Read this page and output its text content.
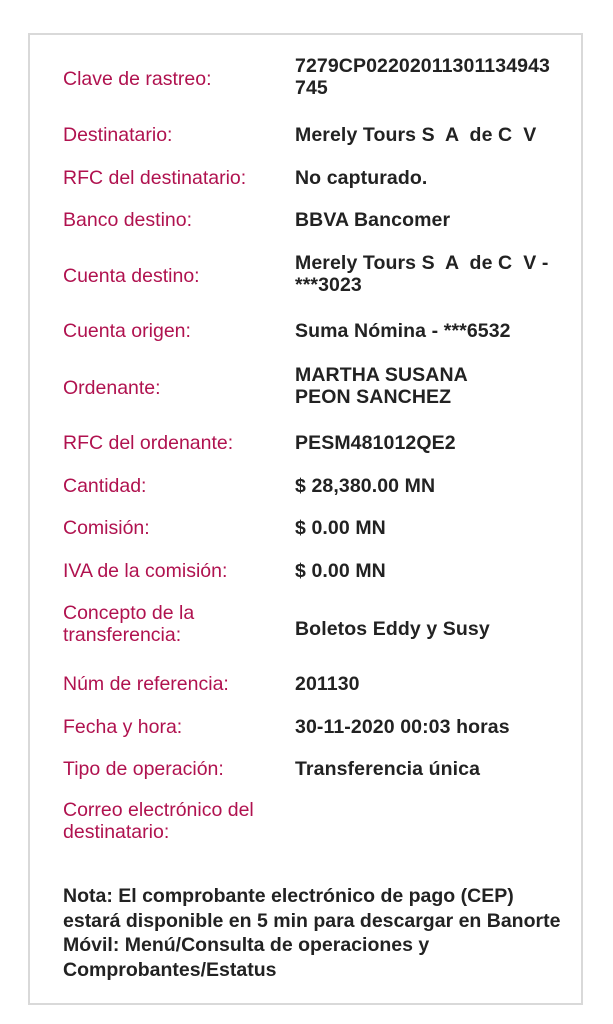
Clave de rastreo:
7279CP02202011301134943745
Destinatario:	Merely Tours S  A  de C  V
RFC del destinatario:	No capturado.
Banco destino:	BBVA Bancomer
Cuenta destino:
Merely Tours S  A  de C  V - ***3023
Cuenta origen:	Suma Nómina - ***6532
Ordenante:
MARTHA SUSANA PEON SANCHEZ
RFC del ordenante:	PESM481012QE2
Cantidad:	$ 28,380.00 MN
Comisión:	$ 0.00 MN
IVA de la comisión:	$ 0.00 MN
Concepto de la transferencia:	Boletos Eddy y Susy
Núm de referencia:	201130
Fecha y hora:	30-11-2020 00:03 horas
Tipo de operación:	Transferencia única
Correo electrónico del destinatario:
Nota: El comprobante electrónico de pago (CEP) estará disponible en 5 min para descargar en Banorte Móvil: Menú/Consulta de operaciones y Comprobantes/Estatus
